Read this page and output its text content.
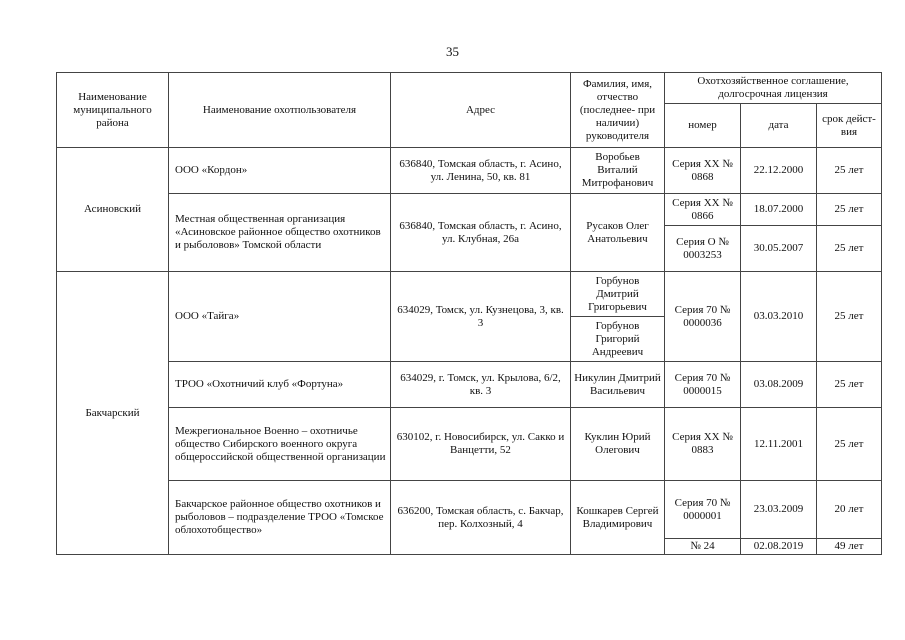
35
Наименование муниципального района	Наименование охотпользователя	Адрес	Фамилия, имя, отчество (последнее- при наличии) руководителя	Охотхозяйственное соглашение, долгосрочная лицензия		
				номер	дата	срок дейст-вия
Асиновский	ООО «Кордон»	636840, Томская область, г. Асино, ул. Ленина, 50, кв. 81	Воробьев Виталий Митрофанович	Серия ХХ № 0868	22.12.2000	25 лет
	Местная общественная организация «Асиновское районное общество охотников и рыболовов» Томской области	636840, Томская область, г. Асино, ул. Клубная, 26а	Русаков Олег Анатольевич	Серия ХХ № 0866	18.07.2000	25 лет
				Серия О № 0003253	30.05.2007	25 лет
Бакчарский	ООО «Тайга»	634029, Томск, ул. Кузнецова, 3, кв. 3	Горбунов Дмитрий Григорьевич	Серия 70 № 0000036	03.03.2010	25 лет
			Горбунов Григорий Андреевич			
	ТРОО «Охотничий клуб «Фортуна»	634029, г. Томск, ул. Крылова, 6/2, кв. 3	Никулин Дмитрий Васильевич	Серия 70 № 0000015	03.08.2009	25 лет
	Межрегиональное Военно – охотничье общество Сибирского военного округа общероссийской общественной организации	630102, г. Новосибирск, ул. Сакко и Ванцетти, 52	Куклин Юрий Олегович	Серия ХХ № 0883	12.11.2001	25 лет
	Бакчарское районное общество охотников и рыболовов – подразделение ТРОО «Томское облохотобщество»	636200, Томская область, с. Бакчар, пер. Колхозный, 4	Кошкарев Сергей Владимирович	Серия 70 № 0000001	23.03.2009	20 лет
				№ 24	02.08.2019	49 лет
